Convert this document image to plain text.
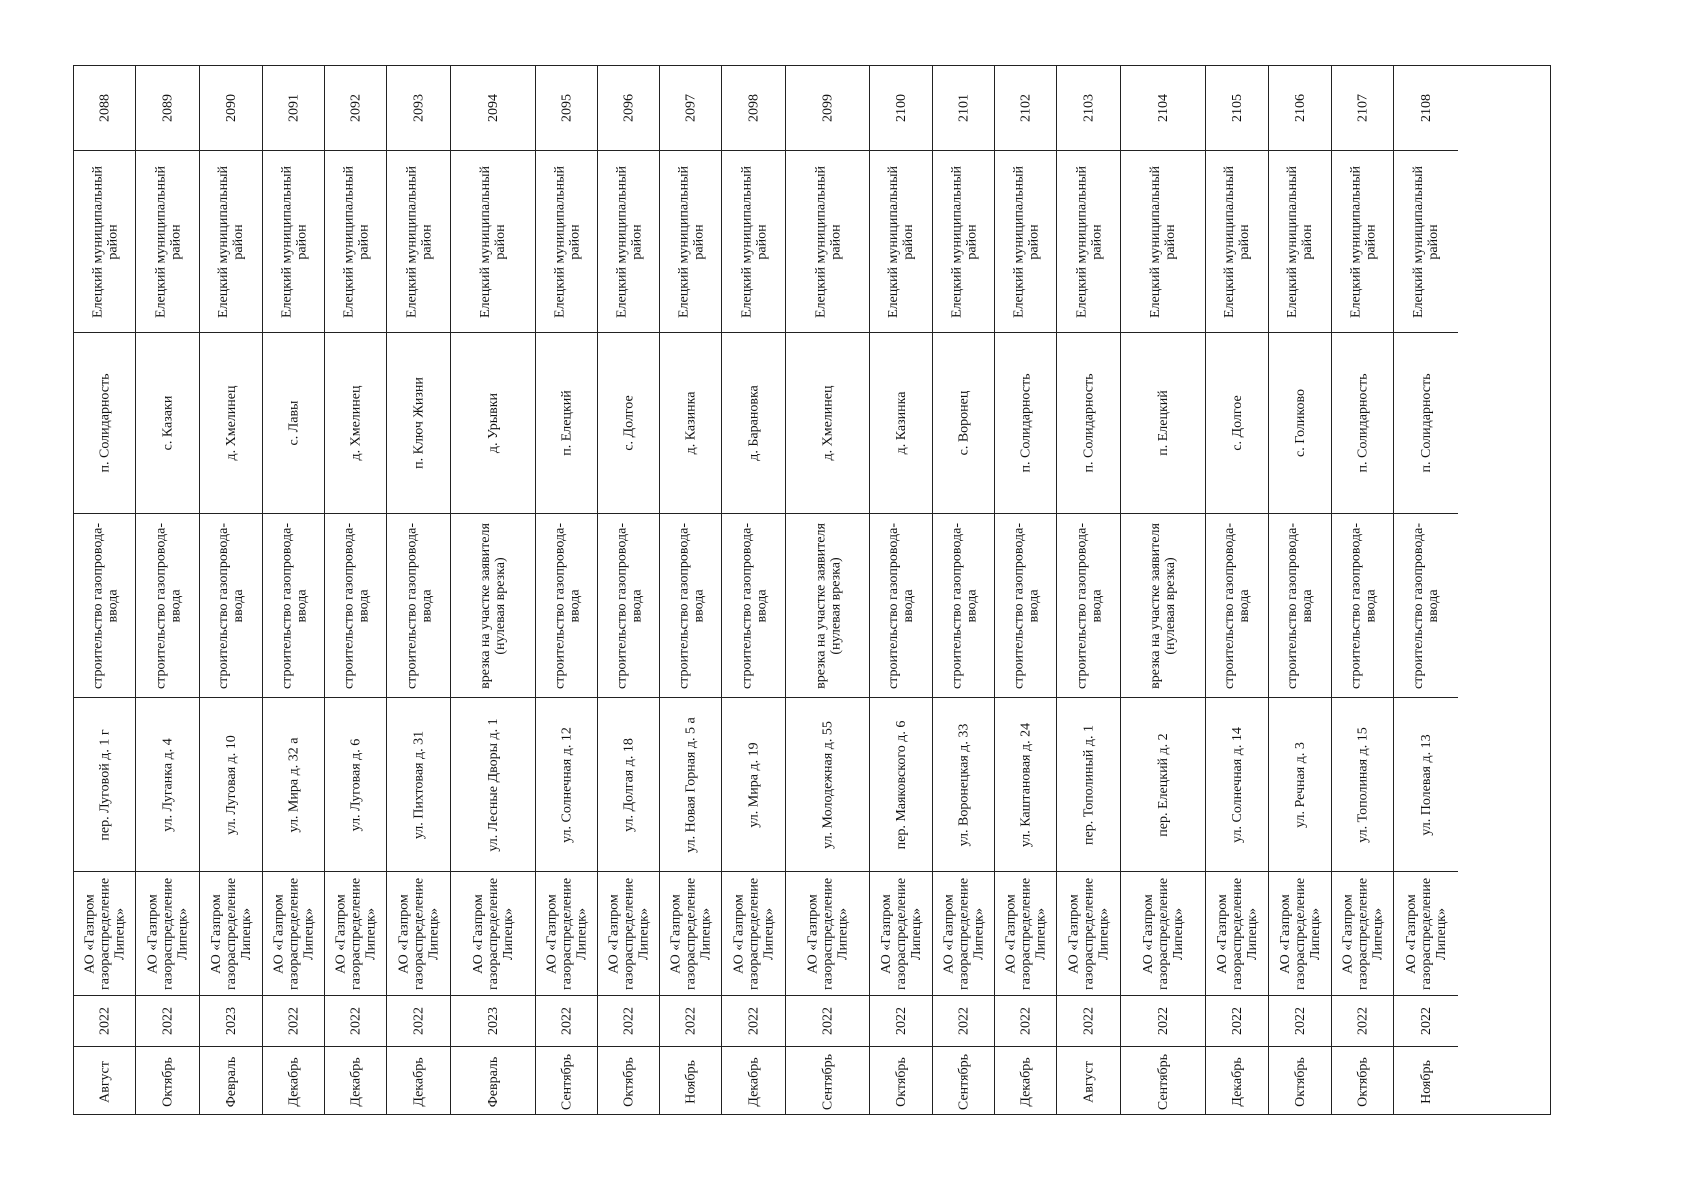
2088
Елецкий муниципальный район
п. Солидарность
строительство газопровода-ввода
пер. Луговой д. 1 г
АО «Газпром газораспределение Липецк»
2022
Август
2089
Елецкий муниципальный район
с. Казаки
строительство газопровода-ввода
ул. Луганка д. 4
АО «Газпром газораспределение Липецк»
2022
Октябрь
2090
Елецкий муниципальный район
д. Хмелинец
строительство газопровода-ввода
ул. Луговая д. 10
АО «Газпром газораспределение Липецк»
2023
Февраль
2091
Елецкий муниципальный район
с. Лавы
строительство газопровода-ввода
ул. Мира д. 32 а
АО «Газпром газораспределение Липецк»
2022
Декабрь
2092
Елецкий муниципальный район
д. Хмелинец
строительство газопровода-ввода
ул. Луговая д. 6
АО «Газпром газораспределение Липецк»
2022
Декабрь
2093
Елецкий муниципальный район
п. Ключ Жизни
строительство газопровода-ввода
ул. Пихтовая д. 31
АО «Газпром газораспределение Липецк»
2022
Декабрь
2094
Елецкий муниципальный район
д. Урывки
врезка на участке заявителя (нулевая врезка)
ул. Лесные Дворы д. 1
АО «Газпром газораспределение Липецк»
2023
Февраль
2095
Елецкий муниципальный район
п. Елецкий
строительство газопровода-ввода
ул. Солнечная д. 12
АО «Газпром газораспределение Липецк»
2022
Сентябрь
2096
Елецкий муниципальный район
с. Долгое
строительство газопровода-ввода
ул. Долгая д. 18
АО «Газпром газораспределение Липецк»
2022
Октябрь
2097
Елецкий муниципальный район
д. Казинка
строительство газопровода-ввода
ул. Новая Горная д. 5 а
АО «Газпром газораспределение Липецк»
2022
Ноябрь
2098
Елецкий муниципальный район
д. Барановка
строительство газопровода-ввода
ул. Мира д. 19
АО «Газпром газораспределение Липецк»
2022
Декабрь
2099
Елецкий муниципальный район
д. Хмелинец
врезка на участке заявителя (нулевая врезка)
ул. Молодежная д. 55
АО «Газпром газораспределение Липецк»
2022
Сентябрь
2100
Елецкий муниципальный район
д. Казинка
строительство газопровода-ввода
пер. Маяковского д. 6
АО «Газпром газораспределение Липецк»
2022
Октябрь
2101
Елецкий муниципальный район
с. Воронец
строительство газопровода-ввода
ул. Воронецкая д. 33
АО «Газпром газораспределение Липецк»
2022
Сентябрь
2102
Елецкий муниципальный район
п. Солидарность
строительство газопровода-ввода
ул. Каштановая д. 24
АО «Газпром газораспределение Липецк»
2022
Декабрь
2103
Елецкий муниципальный район
п. Солидарность
строительство газопровода-ввода
пер. Тополиный д. 1
АО «Газпром газораспределение Липецк»
2022
Август
2104
Елецкий муниципальный район
п. Елецкий
врезка на участке заявителя (нулевая врезка)
пер. Елецкий д. 2
АО «Газпром газораспределение Липецк»
2022
Сентябрь
2105
Елецкий муниципальный район
с. Долгое
строительство газопровода-ввода
ул. Солнечная д. 14
АО «Газпром газораспределение Липецк»
2022
Декабрь
2106
Елецкий муниципальный район
с. Голиково
строительство газопровода-ввода
ул. Речная д. 3
АО «Газпром газораспределение Липецк»
2022
Октябрь
2107
Елецкий муниципальный район
п. Солидарность
строительство газопровода-ввода
ул. Тополиная д. 15
АО «Газпром газораспределение Липецк»
2022
Октябрь
2108
Елецкий муниципальный район
п. Солидарность
строительство газопровода-ввода
ул. Полевая д. 13
АО «Газпром газораспределение Липецк»
2022
Ноябрь
